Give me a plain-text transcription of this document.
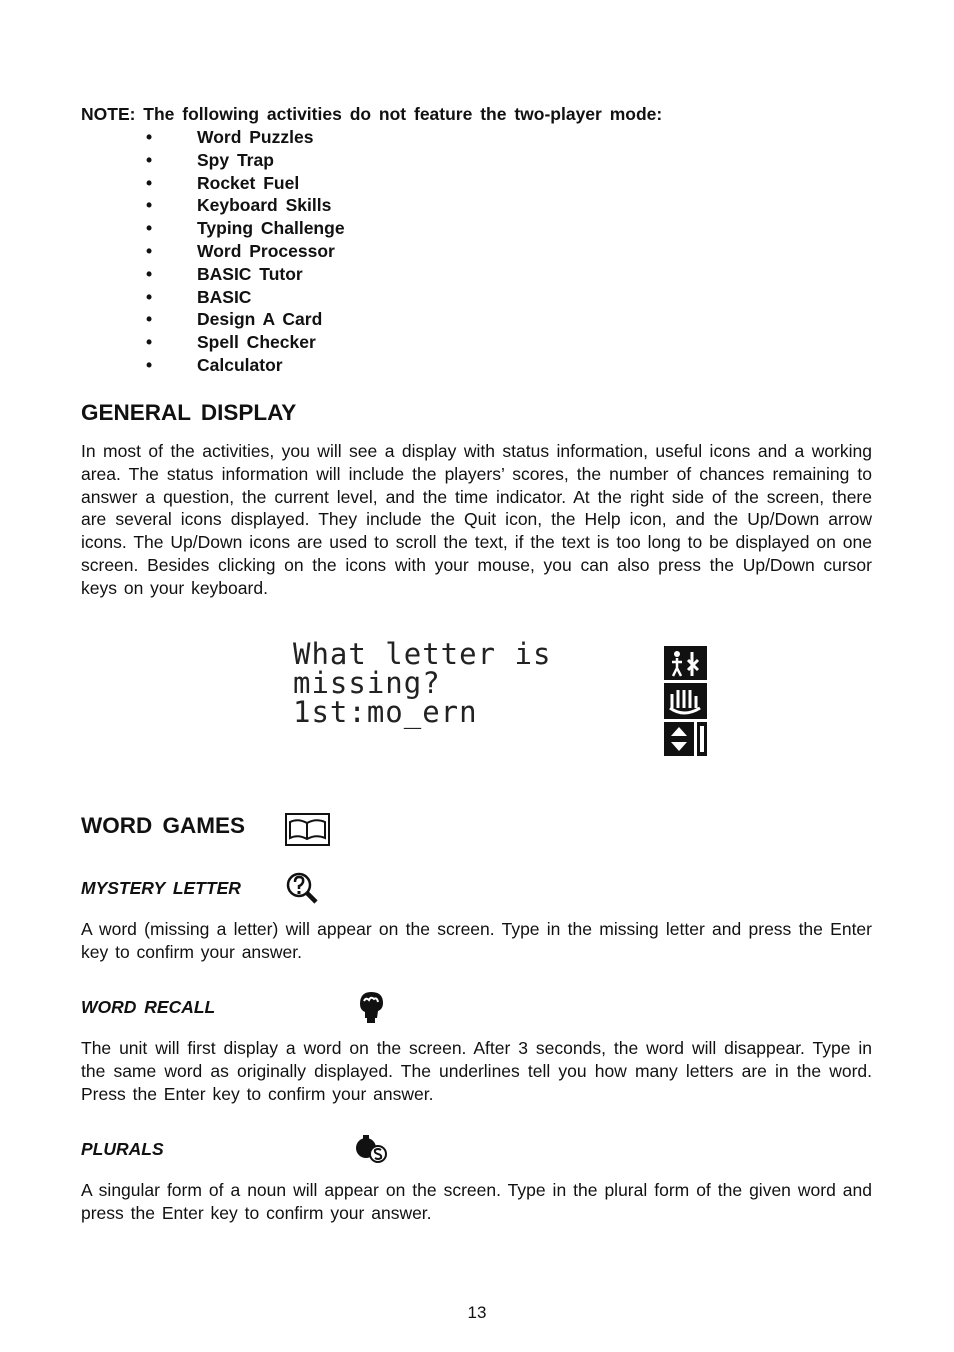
NOTE: The following activities do not feature the two-player mode:
•	Word Puzzles
•	Spy Trap
•	Rocket Fuel
•	Keyboard Skills
•	Typing Challenge
•	Word Processor
•	BASIC Tutor
•	BASIC
•	Design A Card
•	Spell Checker
•	Calculator
GENERAL DISPLAY

In most of the activities, you will see a display with status information, useful icons and a working area. The status information will include the players’ scores, the number of chances remaining to answer a question, the current level, and the time indicator. At the right side of the screen, there are several icons displayed. They include the Quit icon, the Help icon, and the Up/Down arrow icons. The Up/Down icons are used to scroll the text, if the text is too long to be displayed on one screen. Besides clicking on the icons with your mouse, you can also press the Up/Down cursor keys on your keyboard.

What letter is
missing?
1st:mo_ern
WORD GAMES
MYSTERY LETTER

A word (missing a letter) will appear on the screen. Type in the missing letter and press the Enter key to confirm your answer.

WORD RECALL

The unit will first display a word on the screen. After 3 seconds, the word will disappear. Type in the same word as originally displayed. The underlines tell you how many letters are in the word. Press the Enter key to confirm your answer.

PLURALS

A singular form of a noun will appear on the screen. Type in the plural form of the given word and press the Enter key to confirm your answer.

13
